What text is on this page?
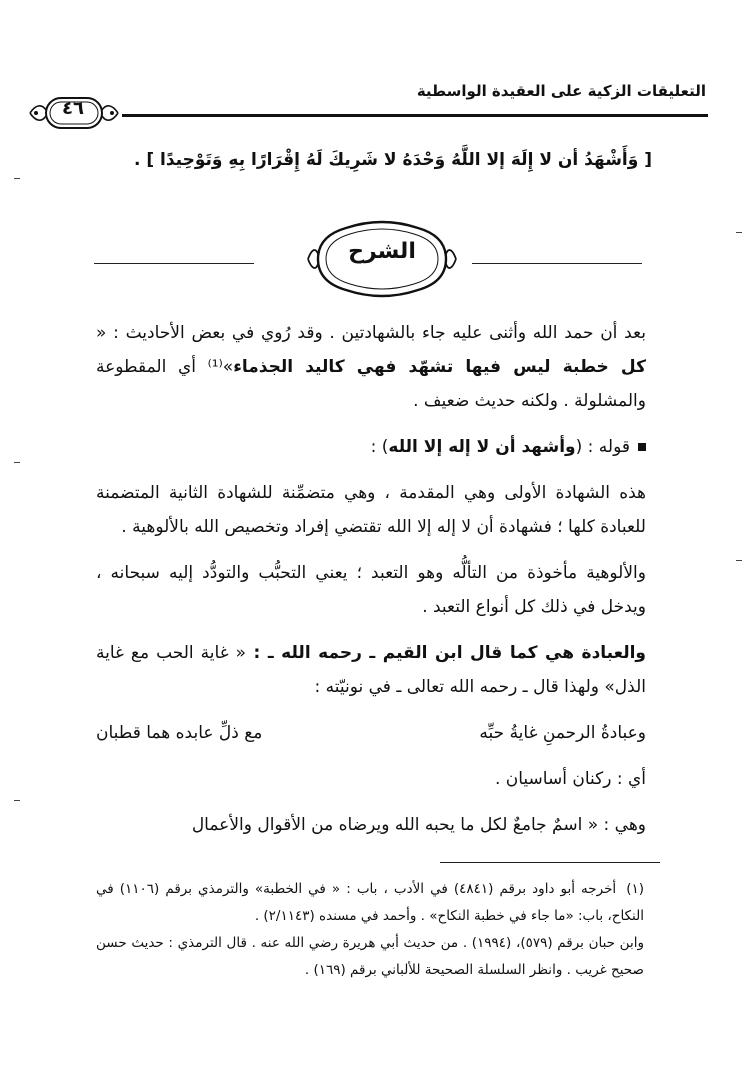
التعليقات الزكية على العقيدة الواسطية
٤٦
[ وَأَشْهَدُ أن لا إِلَهَ إلا اللَّهُ وَحْدَهُ لا شَرِيكَ لَهُ إِقْرَارًا بِهِ وَتَوْحِيدًا ] .
الشرح

بعد أن حمد الله وأثنى عليه جاء بالشهادتين . وقد رُوي في بعض الأحاديث : « كل خطبة ليس فيها تشهّد فهي كاليد الجذماء»⁽¹⁾ أي المقطوعة والمشلولة . ولكنه حديث ضعيف .

قوله : (وأشهد أن لا إله إلا الله) :

هذه الشهادة الأولى وهي المقدمة ، وهي متضمِّنة للشهادة الثانية المتضمنة للعبادة كلها ؛ فشهادة أن لا إله إلا الله تقتضي إفراد وتخصيص الله بالألوهية .

والألوهية مأخوذة من التألُّه وهو التعبد ؛ يعني التحبُّب والتودُّد إليه سبحانه ، ويدخل في ذلك كل أنواع التعبد .

والعبادة هي كما قال ابن القيم ـ رحمه الله ـ : « غاية الحب مع غاية الذل» ولهذا قال ـ رحمه الله تعالى ـ في نونيّته :

وعبادةُ الرحمنِ غايةُ حبِّه
مع ذلِّ عابده هما قطبان

أي : ركنان أساسيان .

وهي : « اسمٌ جامعٌ لكل ما يحبه الله ويرضاه من الأقوال والأعمال

(١)أخرجه أبو داود برقم (٤٨٤١) في الأدب ، باب : « في الخطبة» والترمذي برقم (١١٠٦) في النكاح، باب: «ما جاء في خطبة النكاح» . وأحمد في مسنده (٢/١١٤٣) .

وابن حبان برقم (٥٧٩)، (١٩٩٤) . من حديث أبي هريرة رضي الله عنه . قال الترمذي : حديث حسن صحيح غريب . وانظر السلسلة الصحيحة للألباني برقم (١٦٩) .
